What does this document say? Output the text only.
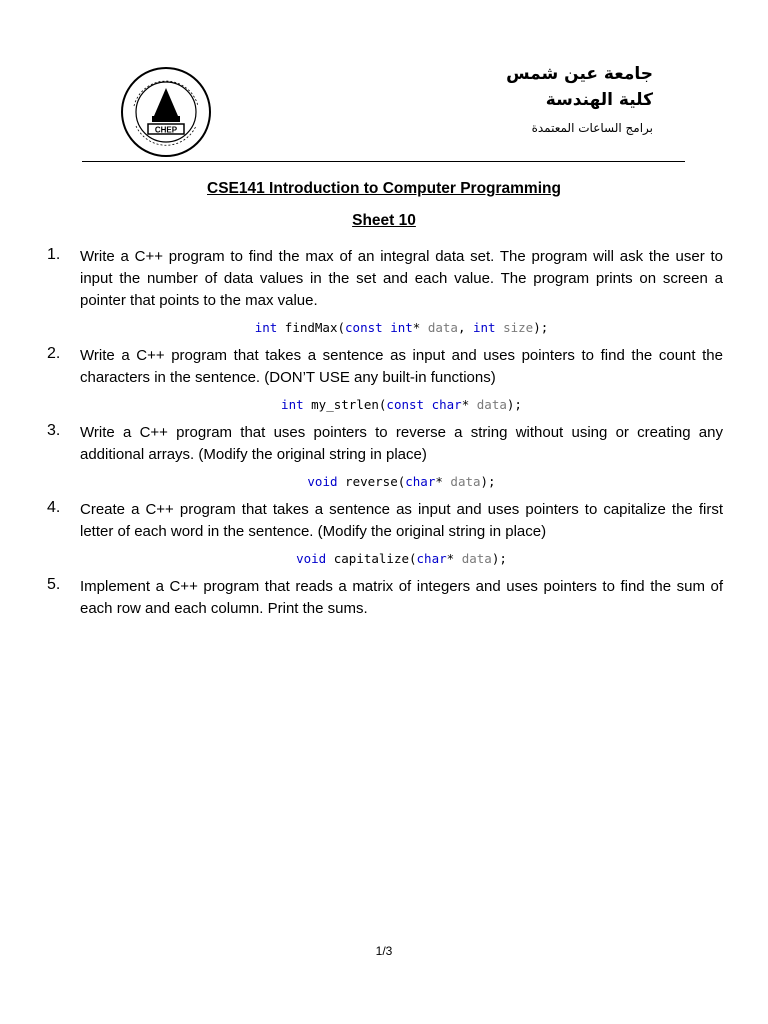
CHEP
جامعة عين شمس
كلية الهندسة
برامج الساعات المعتمدة
CSE141 Introduction to Computer Programming
Sheet 10
1.	Write a C++ program to find the max of an integral data set. The program will ask the user to input the number of data values in the set and each value. The program prints on screen a pointer that points to the max value.
int findMax(const int* data, int size);
2.	Write a C++ program that takes a sentence as input and uses pointers to find the count the characters in the sentence. (DON’T USE any built-in functions)
int my_strlen(const char* data);
3.	Write a C++ program that uses pointers to reverse a string without using or creating any additional arrays. (Modify the original string in place)
void reverse(char* data);
4.	Create a C++ program that takes a sentence as input and uses pointers to capitalize the first letter of each word in the sentence. (Modify the original string in place)
void capitalize(char* data);
5.	Implement a C++ program that reads a matrix of integers and uses pointers to find the sum of each row and each column. Print the sums.
1/3
